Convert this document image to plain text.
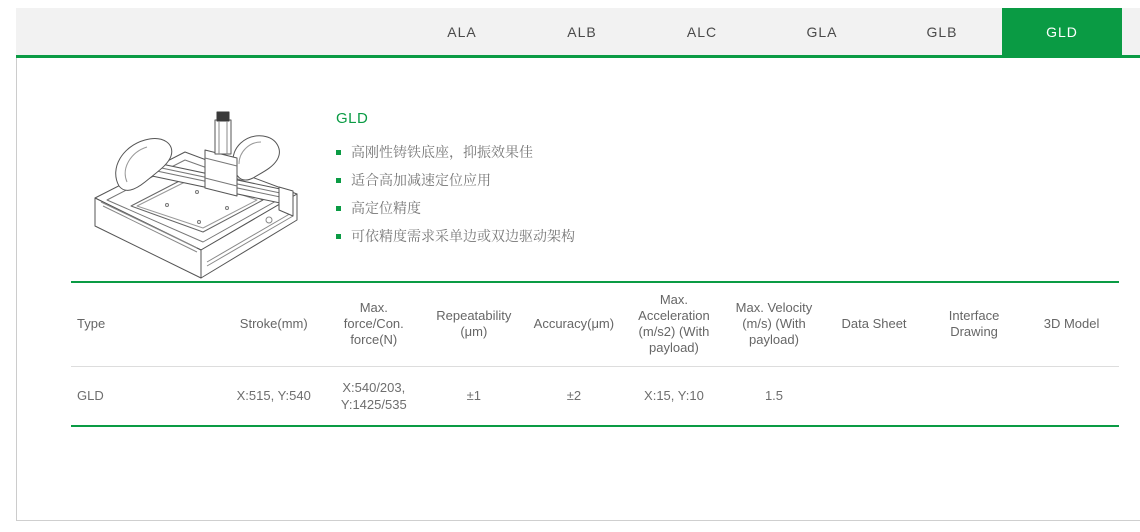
ALA	ALB	ALC	GLA	GLB	GLD
GLD
高刚性铸铁底座，抑振效果佳
适合高加减速定位应用
高定位精度
可依精度需求采单边或双边驱动架构
Type	Stroke(mm)	Max. force/Con. force(N)	Repeatability (μm)	Accuracy(μm)	Max. Acceleration (m/s2) (With payload)	Max. Velocity (m/s) (With payload)	Data Sheet	Interface Drawing	3D Model
GLD	X:515, Y:540	X:540/203, Y:1425/535	±1	±2	X:15, Y:10	1.5			
